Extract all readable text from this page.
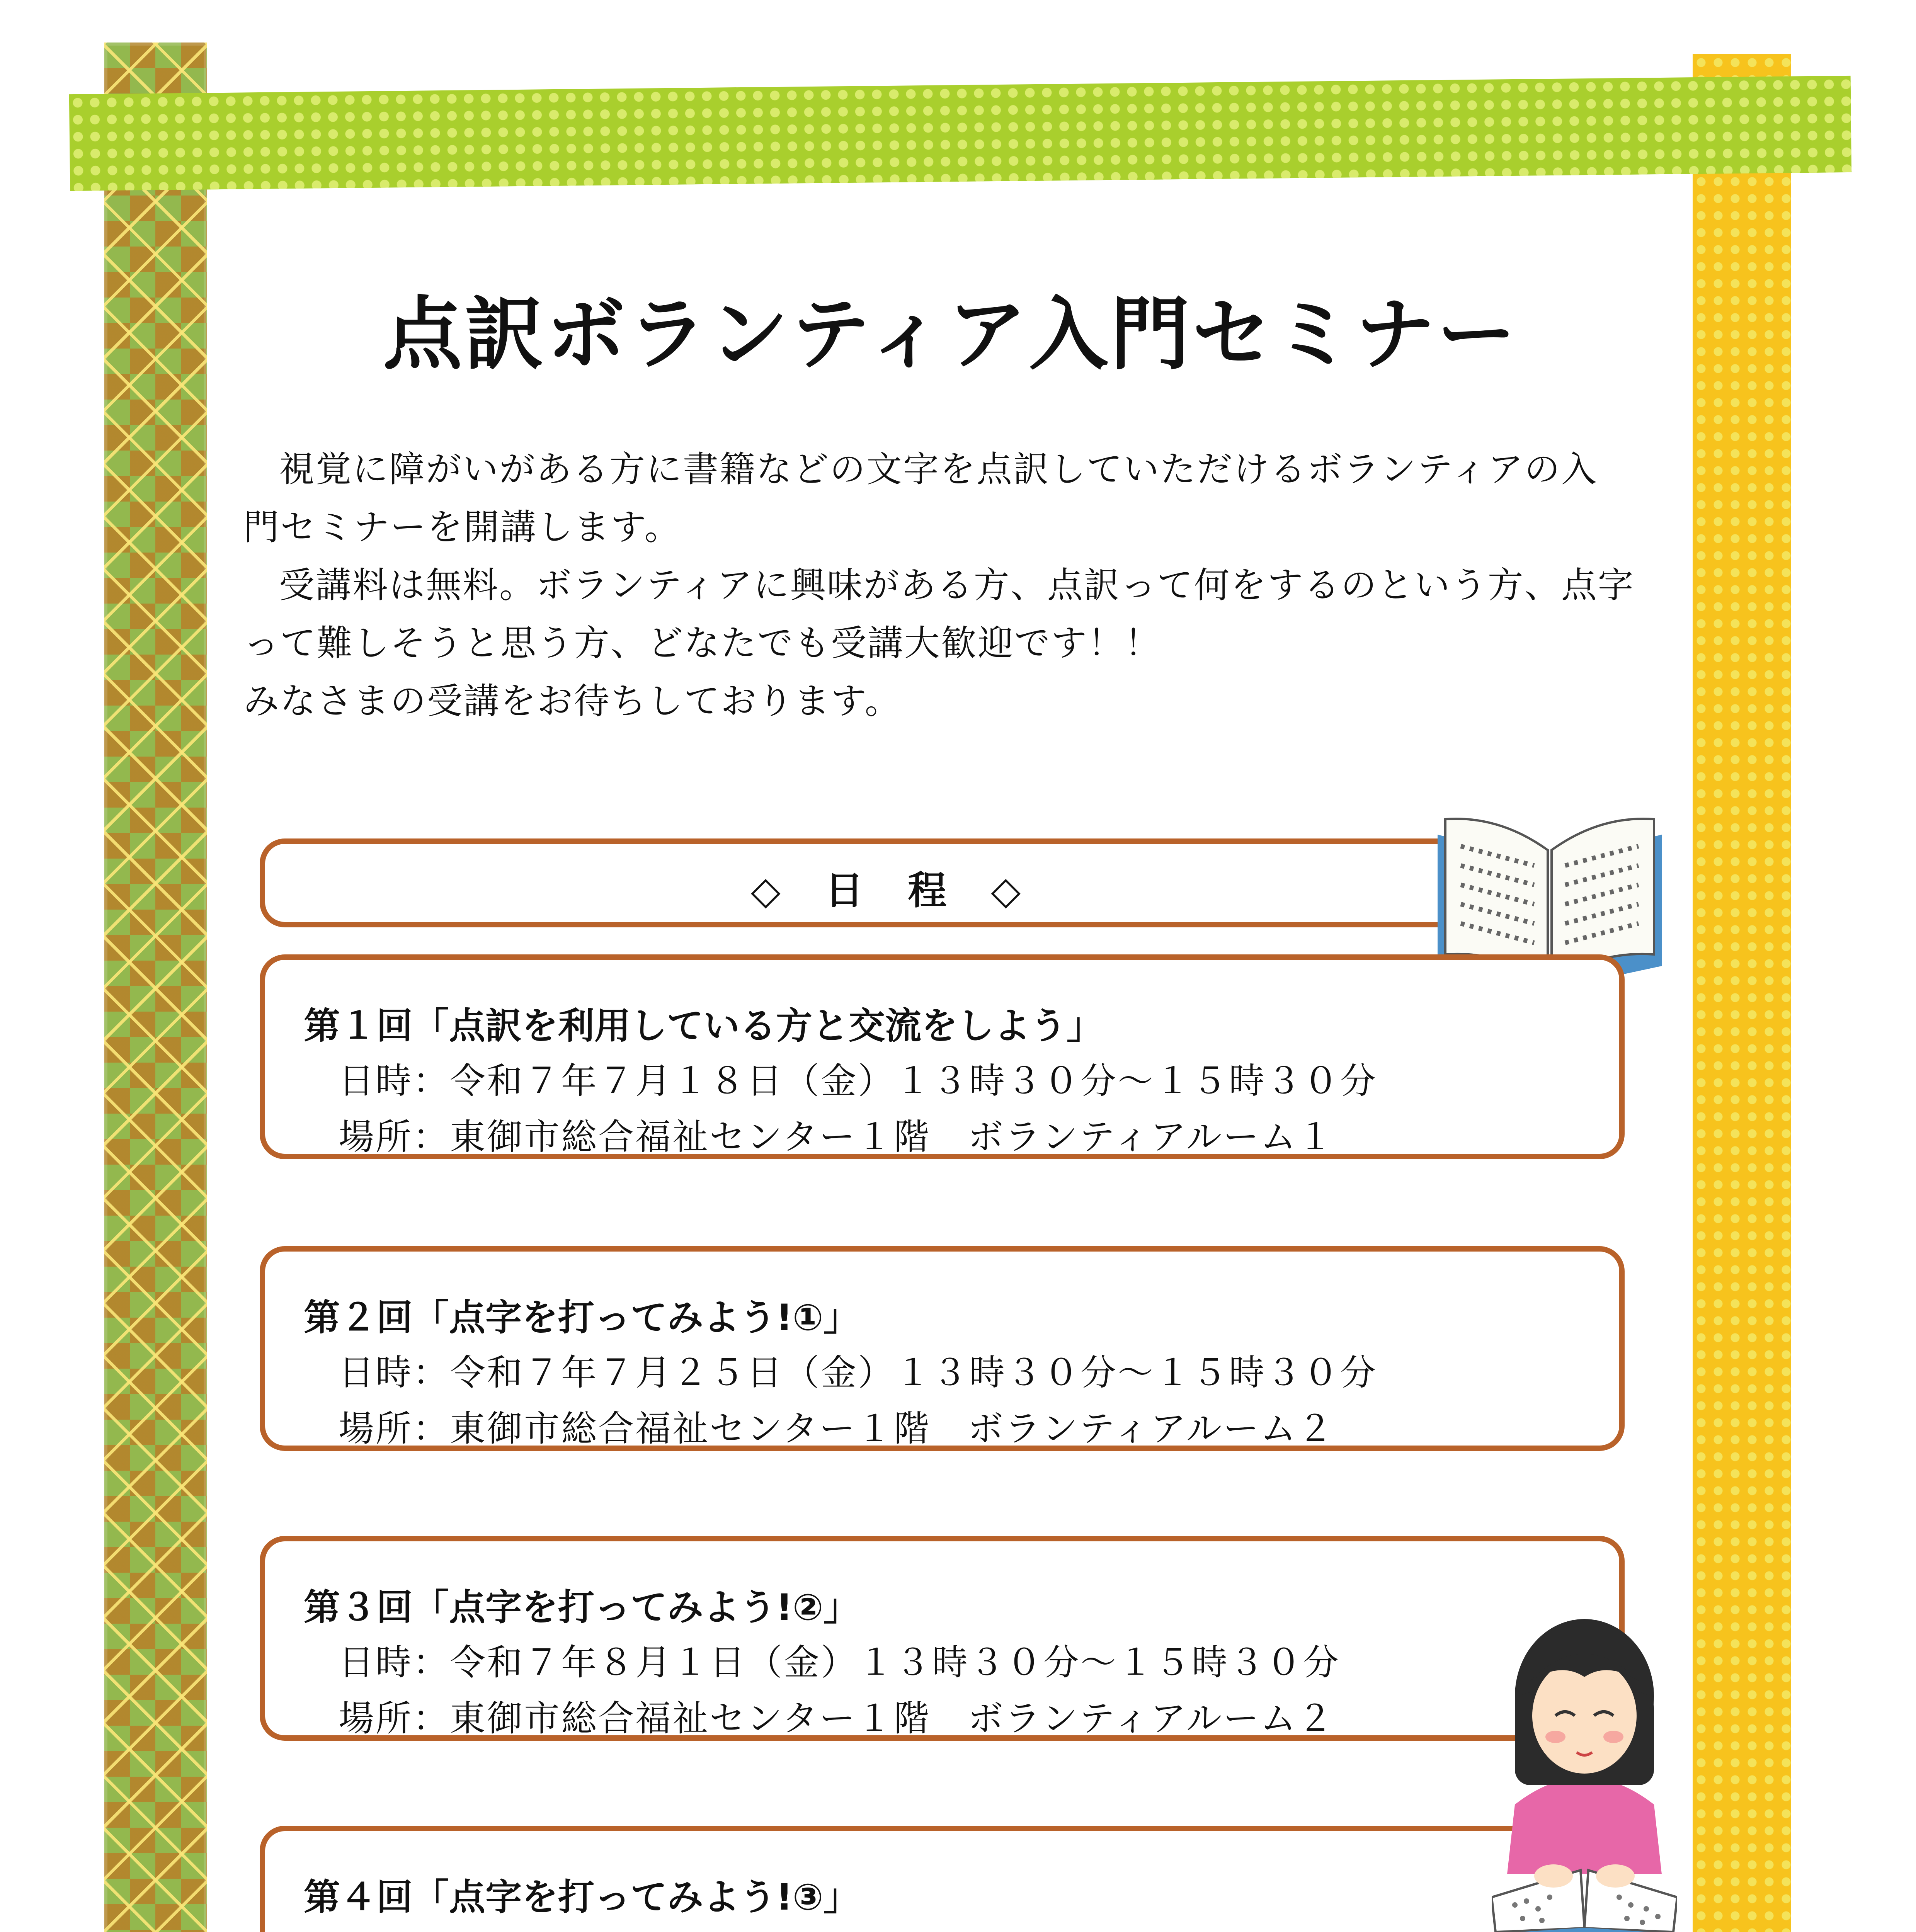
点訳ボランティア入門セミナー

視覚に障がいがある方に書籍などの文字を点訳していただけるボランティアの入

門セミナーを開講します。

受講料は無料。ボランティアに興味がある方、点訳って何をするのという方、点字

って難しそうと思う方、どなたでも受講大歓迎です！！

みなさまの受講をお待ちしております。

◇ 日 程 ◇
第１回「点訳を利用している方と交流をしよう」
日時：令和７年７月１８日（金）１３時３０分～１５時３０分
場所：東御市総合福祉センター１階　ボランティアルーム１
第２回「点字を打ってみよう!①」
日時：令和７年７月２５日（金）１３時３０分～１５時３０分
場所：東御市総合福祉センター１階　ボランティアルーム２
第３回「点字を打ってみよう!②」
日時：令和７年８月１日（金）１３時３０分～１５時３０分
場所：東御市総合福祉センター１階　ボランティアルーム２
第４回「点字を打ってみよう!③」
